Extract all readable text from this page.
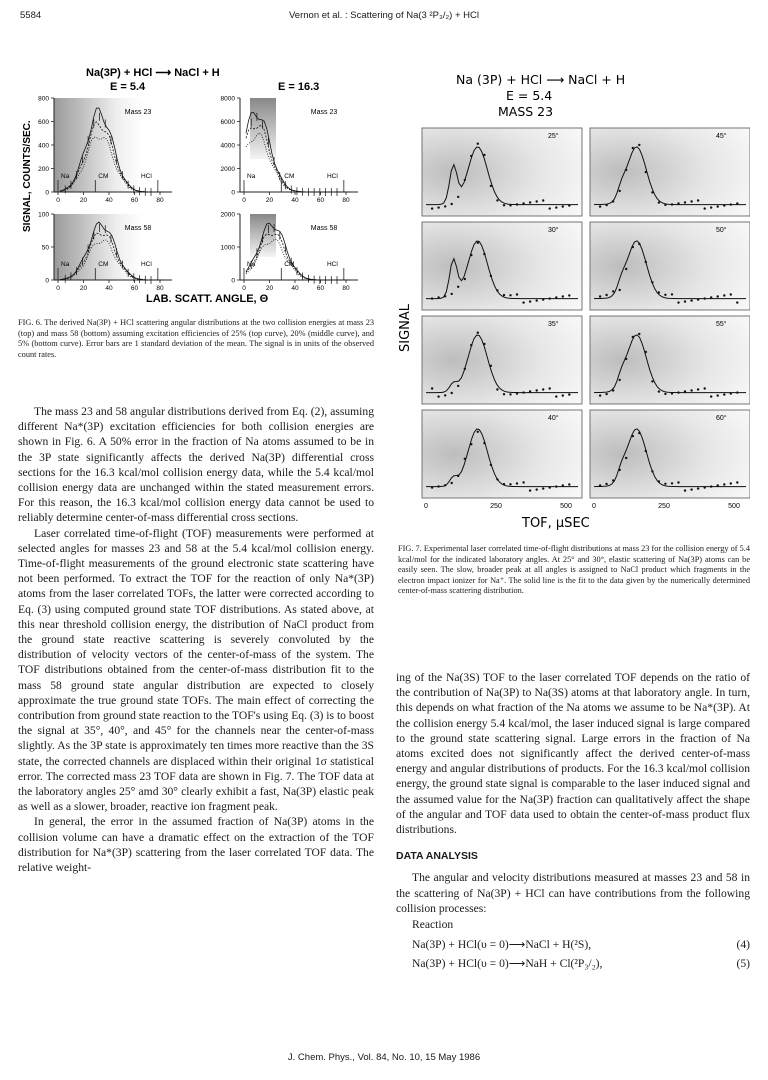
5584	Vernon et al. : Scattering of Na(3 ²P₃/₂) + HCl
Na(3P) + HCl ⟶ NaCl + H
E = 5.4	E = 16.3
SIGNAL, COUNTS/SEC.
LAB. SCATT. ANGLE, Θ
800
600
400
200
0
0	20	40	60	80
Mass 23
Na	CM	HCl
8000
6000
4000
2000
0
0	20	40	60	80
Mass 23
Na	CM	HCl
100
50
0
0	20	40	60	80
Mass 58
Na	CM	HCl
2000
1000
0
0	20	40	60	80
Mass 58
Na	CM	HCl
FIG. 6. The derived Na(3P) + HCl scattering angular distributions at the two collision energies at mass 23 (top) and mass 58 (bottom) assuming excitation efficiencies of 25% (top curve), 20% (middle curve), and 5% (bottom curve). Error bars are 1 standard deviation of the mean. The signal is in units of the observed count rates.
Na (3P) + HCl ⟶ NaCl + H
E = 5.4
MASS 23
SIGNAL
TOF, μSEC
25°	45°
30°	50°
35°	55°
40°	60°
0	250	500	0	250	500
FIG. 7. Experimental laser correlated time-of-flight distributions at mass 23 for the collision energy of 5.4 kcal/mol for the indicated laboratory angles. At 25° and 30°, elastic scattering of Na(3P) atoms can be easily seen. The slow, broader peak at all angles is assigned to NaCl product which fragments in the electron impact ionizer for Na⁺. The solid line is the fit to the data given by the numerically determined center-of-mass scattering distribution.

The mass 23 and 58 angular distributions derived from Eq. (2), assuming different Na*(3P) excitation efficiencies for both collision energies are shown in Fig. 6. A 50% error in the fraction of Na atoms assumed to be in the 3P state significantly affects the derived Na(3P) differential cross sections for the 16.3 kcal/mol collision energy data, while the 5.4 kcal/mol collision energy data are unchanged within the stated measurement errors. For this reason, the 16.3 kcal/mol collision energy data cannot be used to reliably determine center-of-mass differential cross sections.

Laser correlated time-of-flight (TOF) measurements were performed at selected angles for masses 23 and 58 at the 5.4 kcal/mol collision energy. Time-of-flight measurements of the ground electronic state scattering have not been performed. To extract the TOF for the reaction of only Na*(3P) atoms from the laser correlated TOFs, the latter were corrected according to Eq. (3) using computed ground state TOF distributions. As stated above, at this near threshold collision energy, the distribution of NaCl product from the ground state reactive scattering is severely convoluted by the distribution of velocity vectors of the center-of-mass of the system. The TOF distributions obtained from the center-of-mass distribution fit to the mass 58 ground state angular distribution are expected to closely approximate the true ground state TOFs. The main effect of correcting the contribution from ground state reaction to the TOF's using Eq. (3) is to boost the signal at 35°, 40°, and 45° for the channels near the center-of-mass slightly. As the 3P state is approximately ten times more reactive than the 3S state, the corrected channels are displaced within their original 1σ statistical error. The corrected mass 23 TOF data are shown in Fig. 7. The TOF data at the laboratory angles 25° amd 30° clearly exhibit a fast, Na(3P) elastic peak as well as a slower, broader, reactive ion fragment peak.

In general, the error in the assumed fraction of Na(3P) atoms in the collision volume can have a dramatic effect on the extraction of the TOF distribution for Na*(3P) scattering from the laser correlated TOF data. The relative weight-

ing of the Na(3S) TOF to the laser correlated TOF depends on the ratio of the contribution of Na(3P) to Na(3S) atoms at that laboratory angle. In turn, this depends on what fraction of the Na atoms we assume to be Na*(3P). At the collision energy 5.4 kcal/mol, the laser induced signal is large compared to the ground state scattering signal. Large errors in the fraction of Na atoms excited does not significantly affect the derived center-of-mass energy and angular distributions of products. For the 16.3 kcal/mol collision energy, the ground state signal is comparable to the laser induced signal and the assumed value for the Na(3P) fraction can qualitatively affect the shape of the angular and TOF data used to obtain the center-of-mass product flux distributions.

DATA ANALYSIS

The angular and velocity distributions measured at masses 23 and 58 in the scattering of Na(3P) + HCl can have contributions from the following collision processes:

Reaction

Na(3P) + HCl(υ = 0)⟶NaCl + H(²S),	(4)
Na(3P) + HCl(υ = 0)⟶NaH + Cl(²P₃/₂),	(5)
J. Chem. Phys., Vol. 84, No. 10, 15 May 1986
